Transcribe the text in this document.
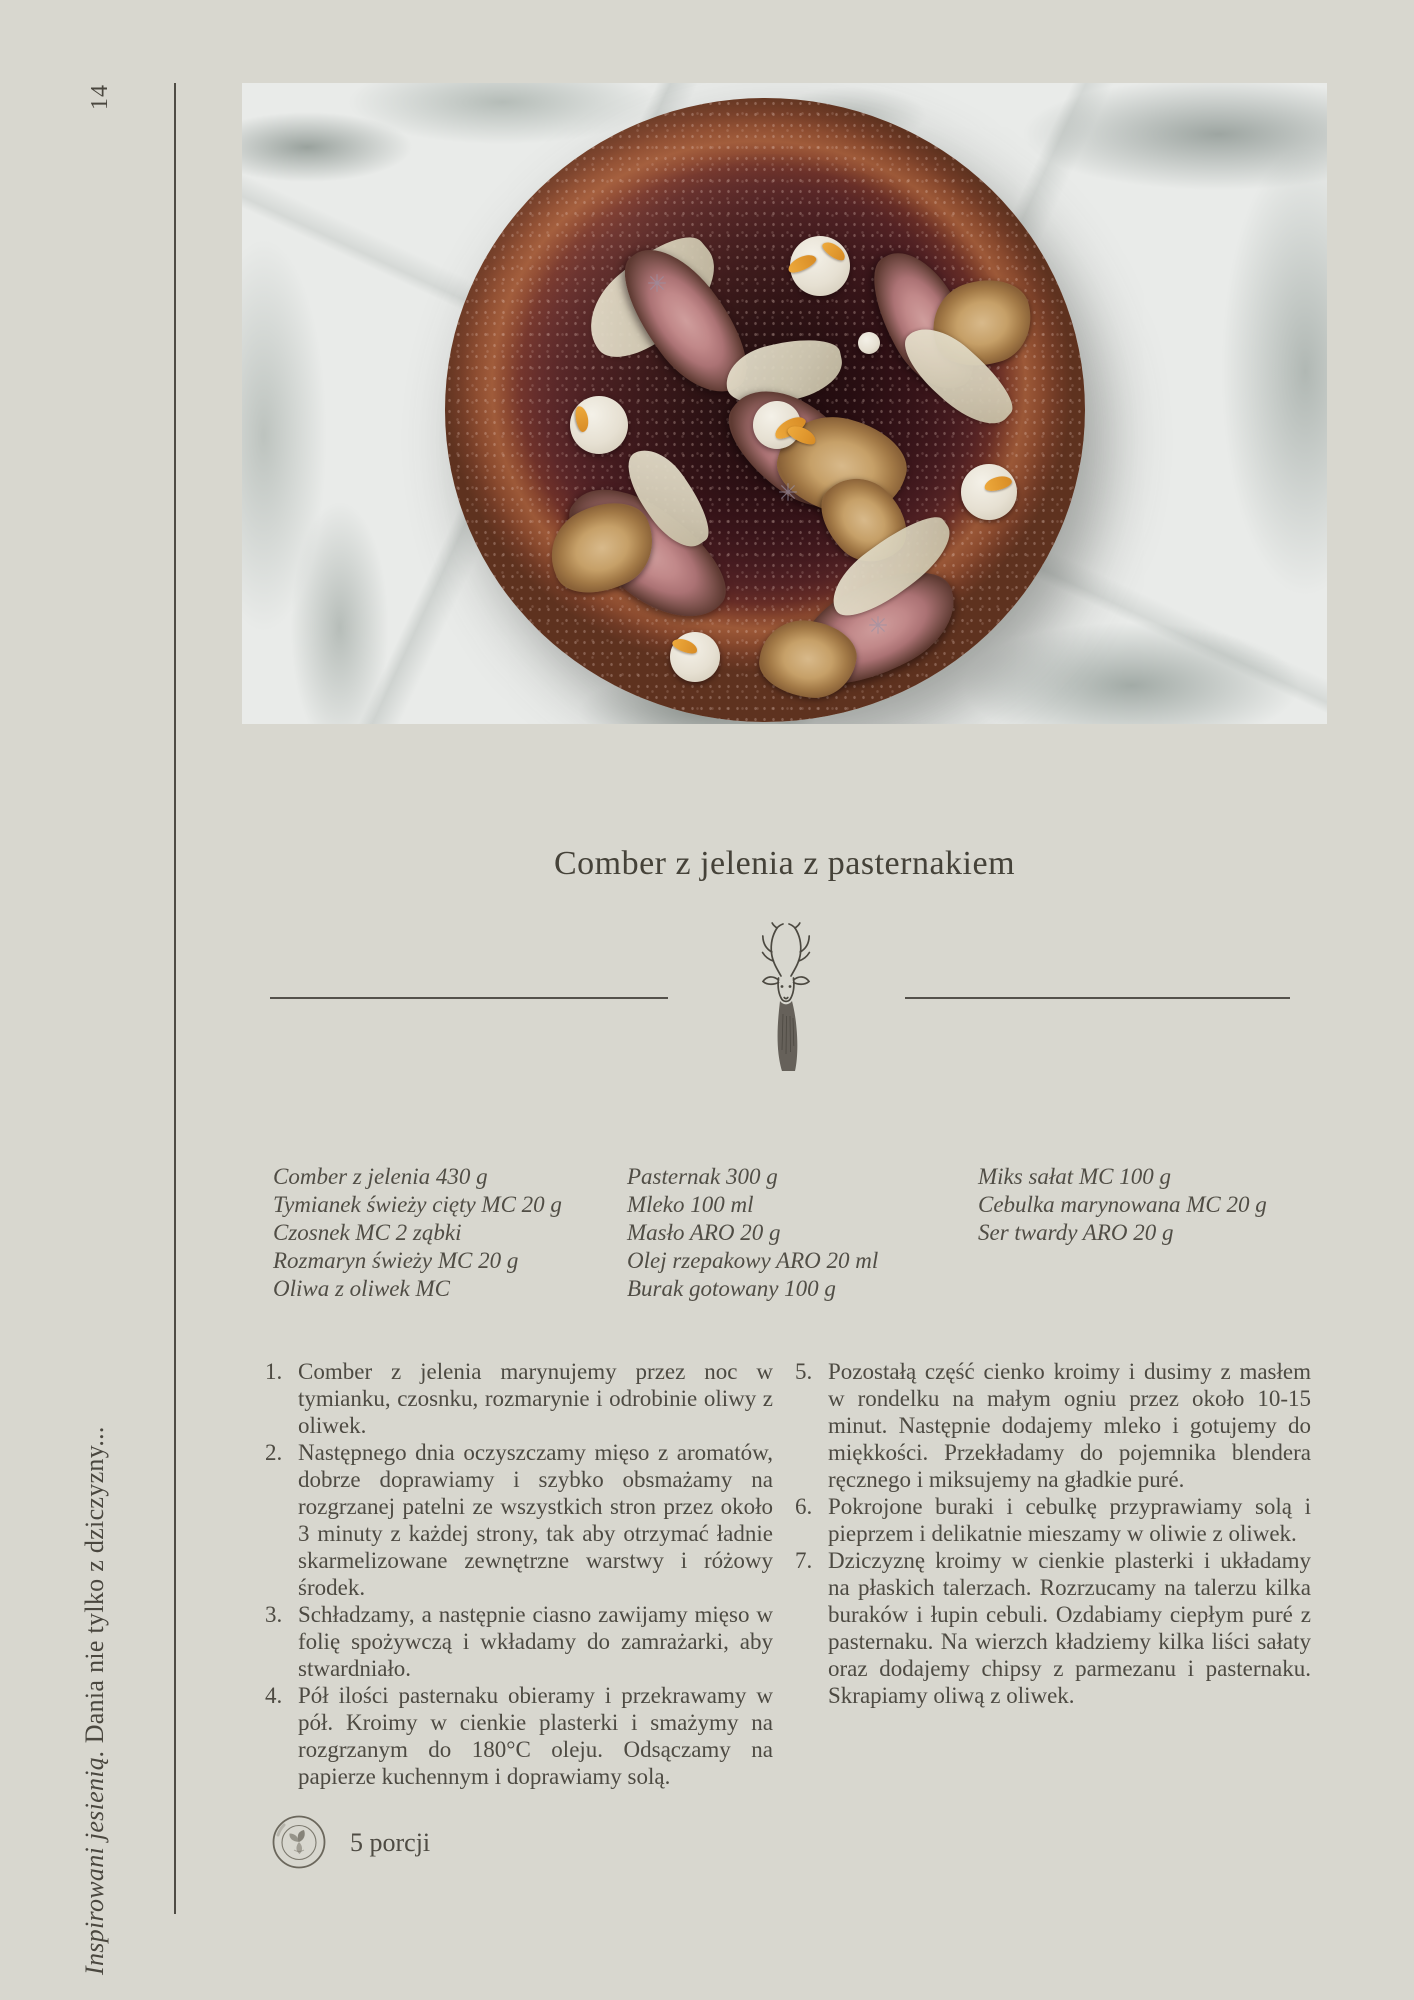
14
Inspirowani jesienią. Dania nie tylko z dziczyzny...
Comber z jelenia z pasternakiem
Comber z jelenia 430 g
Tymianek świeży cięty MC 20 g
Czosnek MC 2 ząbki
Rozmaryn świeży MC 20 g
Oliwa z oliwek MC
Pasternak 300 g
Mleko 100 ml
Masło ARO 20 g
Olej rzepakowy ARO 20 ml
Burak gotowany 100 g
Miks sałat MC 100 g
Cebulka marynowana MC 20 g
Ser twardy ARO 20 g
1. Comber z jelenia marynujemy przez noc w tymianku, czosnku, rozmarynie i odrobinie oliwy z oliwek.
2. Następnego dnia oczyszczamy mięso z aromatów, dobrze doprawiamy i szybko obsmażamy na rozgrzanej patelni ze wszystkich stron przez około 3 minuty z każdej strony, tak aby otrzymać ładnie skarmelizowane zewnętrzne warstwy i różowy środek.
3. Schładzamy, a następnie ciasno zawijamy mięso w folię spożywczą i wkładamy do zamrażarki, aby stwardniało.
4. Pół ilości pasternaku obieramy i przekrawamy w pół. Kroimy w cienkie plasterki i smażymy na rozgrzanym do 180°C oleju. Odsączamy na papierze kuchennym i doprawiamy solą.
5. Pozostałą część cienko kroimy i dusimy z masłem w rondelku na małym ogniu przez około 10-15 minut. Następnie dodajemy mleko i gotujemy do miękkości. Przekładamy do pojemnika blendera ręcznego i miksujemy na gładkie puré.
6. Pokrojone buraki i cebulkę przyprawiamy solą i pieprzem i delikatnie mieszamy w oliwie z oliwek.
7. Dziczyznę kroimy w cienkie plasterki i układamy na płaskich talerzach. Rozrzucamy na talerzu kilka buraków i łupin cebuli. Ozdabiamy ciepłym puré z pasternaku. Na wierzch kładziemy kilka liści sałaty oraz dodajemy chipsy z parmezanu i pasternaku. Skrapiamy oliwą z oliwek.
5 porcji
